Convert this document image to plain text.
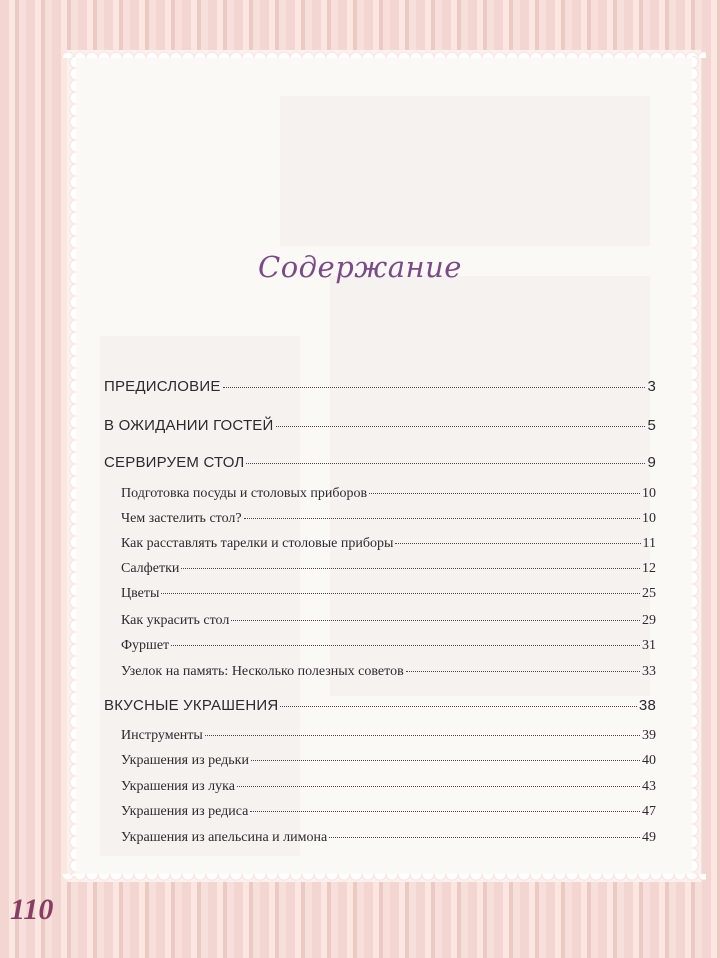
Содержание
ПРЕДИСЛОВИЕ	3
В ОЖИДАНИИ ГОСТЕЙ	5
СЕРВИРУЕМ СТОЛ	9
Подготовка посуды и столовых приборов	10
Чем застелить стол?	10
Как расставлять тарелки и столовые приборы	11
Салфетки	12
Цветы	25
Как украсить стол	29
Фуршет	31
Узелок на память: Несколько полезных советов	33
ВКУСНЫЕ УКРАШЕНИЯ	38
Инструменты	39
Украшения из редьки	40
Украшения из лука	43
Украшения из редиса	47
Украшения из апельсина и лимона	49
110
